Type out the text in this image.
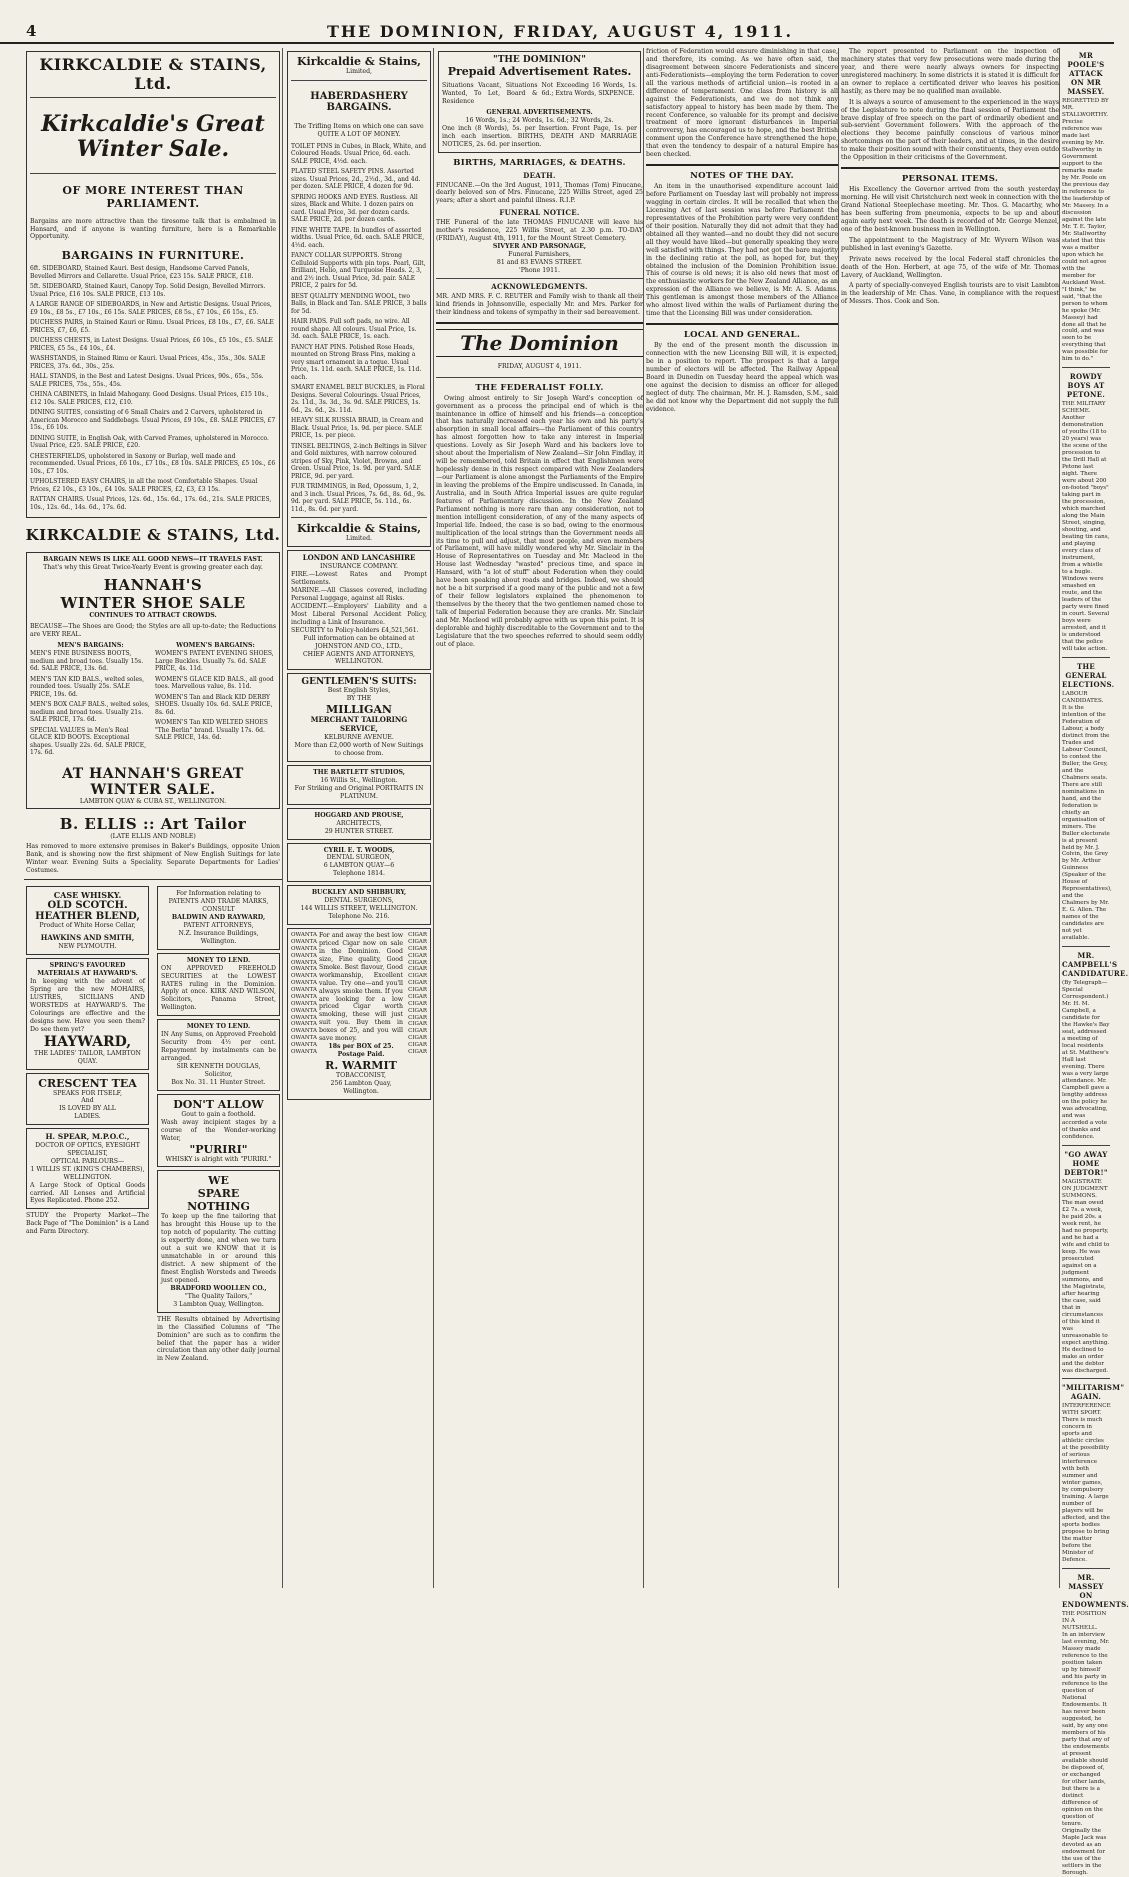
4	THE DOMINION, FRIDAY, AUGUST 4, 1911.
KIRKCALDIE & STAINS, Ltd.
Kirkcaldie's Great Winter Sale.
OF MORE INTEREST THAN PARLIAMENT.
Bargains are more attractive than the tiresome talk that is embalmed in Hansard, and if anyone is wanting furniture, here is a Remarkable Opportunity.
BARGAINS IN FURNITURE.
6ft. SIDEBOARD, Stained Kauri. Best design, Handsome Carved Panels, Bevelled Mirrors and Cellarette. Usual Price, £23 15s. SALE PRICE, £18.
5ft. SIDEBOARD, Stained Kauri, Canopy Top. Solid Design, Bevelled Mirrors. Usual Price, £16 10s. SALE PRICE, £13 10s.
A LARGE RANGE OF SIDEBOARDS, in New and Artistic Designs. Usual Prices, £9 10s., £8 5s., £7 10s., £6 15s. SALE PRICES, £8 5s., £7 10s., £6 15s., £5.
DUCHESS PAIRS, in Stained Kauri or Rimu. Usual Prices, £8 10s., £7, £6. SALE PRICES, £7, £6, £5.
DUCHESS CHESTS, in Latest Designs. Usual Prices, £6 10s., £5 10s., £5. SALE PRICES, £5 5s., £4 10s., £4.
WASHSTANDS, in Stained Rimu or Kauri. Usual Prices, 45s., 35s., 30s. SALE PRICES, 37s. 6d., 30s., 25s.
HALL STANDS, in the Best and Latest Designs. Usual Prices, 90s., 65s., 55s. SALE PRICES, 75s., 55s., 45s.
CHINA CABINETS, in Inlaid Mahogany. Good Designs. Usual Prices, £15 10s., £12 10s. SALE PRICES, £12, £10.
DINING SUITES, consisting of 6 Small Chairs and 2 Carvers, upholstered in American Morocco and Saddlebags. Usual Prices, £9 10s., £8. SALE PRICES, £7 15s., £6 10s.
DINING SUITE, in English Oak, with Carved Frames, upholstered in Morocco. Usual Price, £25. SALE PRICE, £20.
CHESTERFIELDS, upholstered in Saxony or Burlap, well made and recommended. Usual Prices, £6 10s., £7 10s., £8 10s. SALE PRICES, £5 10s., £6 10s., £7 10s.
UPHOLSTERED EASY CHAIRS, in all the most Comfortable Shapes. Usual Prices, £2 10s., £3 10s., £4 10s. SALE PRICES, £2, £3, £3 15s.
RATTAN CHAIRS. Usual Prices, 12s. 6d., 15s. 6d., 17s. 6d., 21s. SALE PRICES, 10s., 12s. 6d., 14s. 6d., 17s. 6d.
KIRKCALDIE & STAINS, Ltd.
BARGAIN NEWS IS LIKE ALL GOOD NEWS—IT TRAVELS FAST.
That's why this Great Twice-Yearly Event is growing greater each day.
HANNAH'S
WINTER SHOE SALE
CONTINUES TO ATTRACT CROWDS.
BECAUSE—The Shoes are Good; the Styles are all up-to-date; the Reductions are VERY REAL.
MEN'S BARGAINS:
MEN'S FINE BUSINESS BOOTS, medium and broad toes. Usually 15s. 6d. SALE PRICE, 13s. 6d.
MEN'S TAN KID BALS., welted soles, rounded toes. Usually 25s. SALE PRICE, 19s. 6d.
MEN'S BOX CALF BALS., welted soles, medium and broad toes. Usually 21s. SALE PRICE, 17s. 6d.
SPECIAL VALUES in Men's Real GLACE KID BOOTS. Exceptional shapes. Usually 22s. 6d. SALE PRICE, 17s. 6d.
WOMEN'S BARGAINS:
WOMEN'S PATENT EVENING SHOES, Large Buckles. Usually 7s. 6d. SALE PRICE, 4s. 11d.
WOMEN'S GLACE KID BALS., all good toes. Marvellous value, 8s. 11d.
WOMEN'S Tan and Black KID DERBY SHOES. Usually 10s. 6d. SALE PRICE, 8s. 6d.
WOMEN'S Tan KID WELTED SHOES "The Berlin" brand. Usually 17s. 6d. SALE PRICE, 14s. 6d.
AT HANNAH'S GREAT WINTER SALE.
LAMBTON QUAY & CUBA ST., WELLINGTON.
B. ELLIS :: Art Tailor
(LATE ELLIS AND NOBLE)
Has removed to more extensive premises in Baker's Buildings, opposite Union Bank, and is showing now the first shipment of New English Suitings for late Winter wear. Evening Suits a Speciality. Separate Departments for Ladies' Costumes.
CASE WHISKY.
OLD SCOTCH.
HEATHER BLEND,
Product of White Horse Cellar,
HAWKINS AND SMITH,
NEW PLYMOUTH.
SPRING'S FAVOURED MATERIALS AT HAYWARD'S.
In keeping with the advent of Spring are the new MOHAIRS, LUSTRES, SICILIANS AND WORSTEDS at HAYWARD'S. The Colourings are effective and the designs new. Have you seen them? Do see them yet?
HAYWARD,
THE LADIES' TAILOR, LAMBTON QUAY.
CRESCENT TEA
SPEAKS FOR ITSELF,
And
IS LOVED BY ALL
LADIES.
H. SPEAR, M.P.O.C.,
DOCTOR OF OPTICS, EYESIGHT SPECIALIST,
OPTICAL PARLOURS—
1 WILLIS ST. (KING'S CHAMBERS), WELLINGTON.
A Large Stock of Optical Goods carried. All Lenses and Artificial Eyes Replicated. Phone 252.
STUDY the Property Market—The Back Page of "The Dominion" is a Land and Farm Directory.
For Information relating to PATENTS AND TRADE MARKS,
CONSULT
BALDWIN AND RAYWARD,
PATENT ATTORNEYS,
N.Z. Insurance Buildings, Wellington.
MONEY TO LEND.
ON APPROVED FREEHOLD SECURITIES at the LOWEST RATES ruling in the Dominion. Apply at once. KIRK AND WILSON, Solicitors, Panama Street, Wellington.
MONEY TO LEND.
IN Any Sums, on Approved Freehold Security from 4½ per cent. Repayment by instalments can be arranged.
SIR KENNETH DOUGLAS,
Solicitor,
Box No. 31. 11 Hunter Street.
DON'T ALLOW
Gout to gain a foothold.
Wash away incipient stages by a course of the Wonder-working Water,
"PURIRI"
WHISKY is alright with "PURIRI."
WE
SPARE
NOTHING
To keep up the fine tailoring that has brought this House up to the top notch of popularity. The cutting is expertly done, and when we turn out a suit we KNOW that it is unmatchable in or around this district. A new shipment of the finest English Worsteds and Tweeds just opened.
BRADFORD WOOLLEN CO.,
"The Quality Tailors,"
3 Lambton Quay, Wellington.
THE Results obtained by Advertising in the Classified Columns of "The Dominion" are such as to confirm the belief that the paper has a wider circulation than any other daily journal in New Zealand.
Kirkcaldie & Stains,
Limited,
HABERDASHERY BARGAINS.
The Trifling Items on which one can save QUITE A LOT OF MONEY.
TOILET PINS in Cubes, in Black, White, and Coloured Heads. Usual Price, 6d. each. SALE PRICE, 4½d. each.
PLATED STEEL SAFETY PINS. Assorted sizes. Usual Prices, 2d., 2½d., 3d., and 4d. per dozen. SALE PRICE, 4 dozen for 9d.
SPRING HOOKS AND EYES. Rustless. All sizes, Black and White. 1 dozen pairs on card. Usual Price, 3d. per dozen cards. SALE PRICE, 2d. per dozen cards.
FINE WHITE TAPE. In bundles of assorted widths. Usual Price, 6d. each. SALE PRICE, 4½d. each.
FANCY COLLAR SUPPORTS. Strong Celluloid Supports with pin tops. Pearl, Gilt, Brilliant, Helio, and Turquoise Heads. 2, 3, and 2½ inch. Usual Price, 3d. pair. SALE PRICE, 2 pairs for 5d.
BEST QUALITY MENDING WOOL, two Balls, in Black and Tan. SALE PRICE, 3 balls for 5d.
HAIR PADS. Full soft pads, no wire. All round shape. All colours. Usual Price, 1s. 3d. each. SALE PRICE, 1s. each.
FANCY HAT PINS. Polished Rose Heads, mounted on Strong Brass Pins, making a very smart ornament in a toque. Usual Price, 1s. 11d. each. SALE PRICE, 1s. 11d. each.
SMART ENAMEL BELT BUCKLES, in Floral Designs. Several Colourings. Usual Prices, 2s. 11d., 3s. 3d., 3s. 9d. SALE PRICES, 1s. 6d., 2s. 6d., 2s. 11d.
HEAVY SILK RUSSIA BRAID, in Cream and Black. Usual Price, 1s. 9d. per piece. SALE PRICE, 1s. per piece.
TINSEL BELTINGS, 2-inch Beltings in Silver and Gold mixtures, with narrow coloured stripes of Sky, Pink, Violet, Browns, and Green. Usual Price, 1s. 9d. per yard. SALE PRICE, 9d. per yard.
FUR TRIMMINGS, in Red, Opossum, 1, 2, and 3 inch. Usual Prices, 7s. 6d., 8s. 6d., 9s. 9d. per yard. SALE PRICE, 5s. 11d., 6s. 11d., 8s. 6d. per yard.
Kirkcaldie & Stains,
Limited.
LONDON AND LANCASHIRE
INSURANCE COMPANY.
FIRE.—Lowest Rates and Prompt Settlements.
MARINE.—All Classes covered, including Personal Luggage, against all Risks.
ACCIDENT.—Employers' Liability and a Most Liberal Personal Accident Policy, including a Link of Insurance.
SECURITY to Policy-holders £4,521,561.
Full information can be obtained at JOHNSTON AND CO., LTD.,
CHIEF AGENTS AND ATTORNEYS, WELLINGTON.
GENTLEMEN'S SUITS:
Best English Styles,
BY THE
MILLIGAN
MERCHANT TAILORING SERVICE,
KELBURNE AVENUE.
More than £2,000 worth of New Suitings to choose from.
THE BARTLETT STUDIOS,
16 Willis St., Wellington.
For Striking and Original PORTRAITS IN PLATINUM.
HOGGARD AND PROUSE,
ARCHITECTS,
29 HUNTER STREET.
CYRIL E. T. WOODS,
DENTAL SURGEON,
6 LAMBTON QUAY—6
Telephone 1814.
BUCKLEY AND SHIBBURY,
DENTAL SURGEONS,
144 WILLIS STREET, WELLINGTON.
Telephone No. 216.
OWANTA
OWANTA
OWANTA
OWANTA
OWANTA
OWANTA
OWANTA
OWANTA
OWANTA
OWANTA
OWANTA
OWANTA
OWANTA
OWANTA
OWANTA
OWANTA
OWANTA
OWANTA
For and away the best low priced Cigar now on sale in the Dominion. Good size, Fine quality, Good Smoke. Best flavour, Good workmanship, Excellent value. Try one—and you'll always smoke them. If you are looking for a low priced Cigar worth smoking, these will just suit you. Buy them in boxes of 25, and you will save money.
18s per BOX of 25. Postage Paid.
R. WARMIT
TOBACCONIST,
256 Lambton Quay, Wellington.
CIGAR
CIGAR
CIGAR
CIGAR
CIGAR
CIGAR
CIGAR
CIGAR
CIGAR
CIGAR
CIGAR
CIGAR
CIGAR
CIGAR
CIGAR
CIGAR
CIGAR
CIGAR
"THE DOMINION"
Prepaid Advertisement Rates.
Situations Vacant, Situations Wanted, To Let, Board & Residence
Not Exceeding 16 Words, 1s. 6d.; Extra Words, SIXPENCE.
GENERAL ADVERTISEMENTS.
16 Words, 1s.; 24 Words, 1s. 6d.; 32 Words, 2s.
One inch (8 Words), 5s. per Insertion. Front Page, 1s. per inch each insertion. BIRTHS, DEATH AND MARRIAGE NOTICES, 2s. 6d. per insertion.
BIRTHS, MARRIAGES, & DEATHS.
DEATH.
FINUCANE.—On the 3rd August, 1911, Thomas (Tom) Finucane, dearly beloved son of Mrs. Finucane, 225 Willis Street, aged 25 years; after a short and painful illness. R.I.P.
FUNERAL NOTICE.
THE Funeral of the late THOMAS FINUCANE will leave his mother's residence, 225 Willis Street, at 2.30 p.m. TO-DAY (FRIDAY), August 4th, 1911, for the Mount Street Cemetery.
SIVYER AND PARSONAGE,
Funeral Furnishers,
81 and 83 EVANS STREET.
'Phone 1911.
ACKNOWLEDGMENTS.
MR. AND MRS. F. C. REUTER and Family wish to thank all their kind friends in Johnsonville, especially Mr. and Mrs. Parker for their kindness and tokens of sympathy in their sad bereavement.
The Dominion
FRIDAY, AUGUST 4, 1911.
THE FEDERALIST FOLLY.
Owing almost entirely to Sir Joseph Ward's conception of government as a process the principal end of which is the maintenance in office of himself and his friends—a conception that has naturally increased each year his own and his party's absorption in small local affairs—the Parliament of this country has almost forgotten how to take any interest in Imperial questions. Lovely as Sir Joseph Ward and his backers love to shout about the Imperialism of New Zealand—Sir John Findlay, it will be remembered, told Britain in effect that Englishmen were hopelessly dense in this respect compared with New Zealanders—our Parliament is alone amongst the Parliaments of the Empire in leaving the problems of the Empire undiscussed. In Canada, in Australia, and in South Africa Imperial issues are quite regular features of Parliamentary discussion. In the New Zealand Parliament nothing is more rare than any consideration, not to mention intelligent consideration, of any of the many aspects of Imperial life. Indeed, the case is so bad, owing to the enormous multiplication of the local strings than the Government needs all its time to pull and adjust, that most people, and even members of Parliament, will have mildly wondered why Mr. Sinclair in the House of Representatives on Tuesday and Mr. Macleod in the House last Wednesday "wasted" precious time, and space in Hansard, with "a lot of stuff" about Federation when they could have been speaking about roads and bridges. Indeed, we should not be a bit surprised if a good many of the public and not a few of their fellow legislators explained the phenomenon to themselves by the theory that the two gentlemen named chose to talk of Imperial Federation because they are cranks. Mr. Sinclair and Mr. Macleod will probably agree with us upon this point. It is deplorable and highly discreditable to the Government and to the Legislature that the two speeches referred to should seem oddly out of place.
friction of Federation would ensure diminishing in that case, and therefore, its coming. As we have often said, the disagreement between sincere Federationists and sincere anti-Federationists—employing the term Federation to cover all the various methods of artificial union—is rooted in a difference of temperament. One class from history is all against the Federationists, and we do not think any satisfactory appeal to history has been made by them. The recent Conference, so valuable for its prompt and decisive treatment of more ignorant disturbances in Imperial controversy, has encouraged us to hope, and the best British comment upon the Conference have strengthened the hope, that even the tendency to despair of a natural Empire has been checked.
NOTES OF THE DAY.
An item in the unauthorised expenditure account laid before Parliament on Tuesday last will probably not impress wagging in certain circles. It will be recalled that when the Licensing Act of last session was before Parliament the representatives of the Prohibition party were very confident of their position. Naturally they did not admit that they had obtained all they wanted—and no doubt they did not secure all they would have liked—but generally speaking they were well satisfied with things. They had not got the bare majority in the declining ratio at the poll, as hoped for, but they obtained the inclusion of the Dominion Prohibition issue. This of course is old news; it is also old news that most of the enthusiastic workers for the New Zealand Alliance, as an expression of the Alliance we believe, is Mr. A. S. Adams. This gentleman is amongst those members of the Alliance who almost lived within the walls of Parliament during the time that the Licensing Bill was under consideration.
LOCAL AND GENERAL.
By the end of the present month the discussion in connection with the new Licensing Bill will, it is expected, be in a position to report. The prospect is that a large number of electors will be affected. The Railway Appeal Board in Dunedin on Tuesday heard the appeal which was one against the decision to dismiss an officer for alleged neglect of duty. The chairman, Mr. H. J. Ramsden, S.M., said he did not know why the Department did not supply the full evidence.
The report presented to Parliament on the inspection of machinery states that very few prosecutions were made during the year, and there were nearly always owners for inspecting unregistered machinery. In some districts it is stated it is difficult for an owner to replace a certificated driver who leaves his position hastily, as there may be no qualified man available.
It is always a source of amusement to the experienced in the ways of the Legislature to note during the final session of Parliament the brave display of free speech on the part of ordinarily obedient and sub-servient Government followers. With the approach of the elections they become painfully conscious of various minor shortcomings on the part of their leaders, and at times, in the desire to make their position sound with their constituents, they even outdo the Opposition in their criticisms of the Government.
PERSONAL ITEMS.
His Excellency the Governor arrived from the south yesterday morning. He will visit Christchurch next week in connection with the Grand National Steeplechase meeting. Mr. Thos. G. Macarthy, who has been suffering from pneumonia, expects to be up and about again early next week. The death is recorded of Mr. George Menzel, one of the best-known business men in Wellington.
The appointment to the Magistracy of Mr. Wyvern Wilson was published in last evening's Gazette.
Private news received by the local Federal staff chronicles the death of the Hon. Herbert, at age 75, of the wife of Mr. Thomas Lavery, of Auckland, Wellington.
A party of specially-conveyed English tourists are to visit Lambton in the leadership of Mr. Chas. Vane, in compliance with the request of Messrs. Thos. Cook and Son.
MR POOLE'S ATTACK ON MR MASSEY.
REGRETTED BY MR. STALLWORTHY.
Precise reference was made last evening by Mr. Stallworthy in Government support to the remarks made by Mr. Poole on the previous day in reference to the leadership of Mr. Massey. In a discussion against the late Mr. T. E. Taylor, Mr. Stallworthy stated that this was a matter upon which he could not agree with the member for Auckland West. "I think," he said, "that the person to whom he spoke (Mr. Massey) had done all that he could, and was seen to be everything that was possible for him to do."
ROWDY BOYS AT PETONE.
THE MILITARY SCHEME.
Another demonstration of youths (18 to 20 years) was the scene of the procession to the Drill Hall at Petone last night. There were about 200 on-footed "boys" taking part in the procession, which marched along the Main Street, singing, shouting, and beating tin cans, and playing every class of instrument, from a whistle to a bugle. Windows were smashed en route, and the leaders of the party were fined in court. Several boys were arrested, and it is understood that the police will take action.
THE GENERAL ELECTIONS.
LABOUR CANDIDATES.
It is the intention of the Federation of Labour, a body distinct from the Trades and Labour Council, to contest the Buller, the Grey, and the Chalmers seats. There are still nominations in hand, and the federation is chiefly an organisation of miners. The Buller electorate is at present held by Mr. J. Colvin, the Grey by Mr. Arthur Guinness (Speaker of the House of Representatives), and the Chalmers by Mr. E. G. Allen. The names of the candidates are not yet available.
MR. CAMPBELL'S CANDIDATURE.
(By Telegraph—Special Correspondent.)
Mr. H. M. Campbell, a candidate for the Hawke's Bay seat, addressed a meeting of local residents at St. Matthew's Hall last evening. There was a very large attendance. Mr. Campbell gave a lengthy address on the policy he was advocating, and was accorded a vote of thanks and confidence.
"GO AWAY HOME DEBTOR!"
MAGISTRATE ON JUDGMENT SUMMONS.
The man owed £2 7s. a week, he paid 20s. a week rent, he had no property, and he had a wife and child to keep. He was prosecuted against on a judgment summons, and the Magistrate, after hearing the case, said that in circumstances of this kind it was unreasonable to expect anything. He declined to make an order and the debtor was discharged.
"MILITARISM" AGAIN.
INTERFERENCE WITH SPORT.
There is much concern in sports and athletic circles at the possibility of serious interference with both summer and winter games, by compulsory training. A large number of players will be affected, and the sports bodies propose to bring the matter before the Minister of Defence.
MR. MASSEY ON ENDOWMENTS.
THE POSITION IN A NUTSHELL.
In an interview last evening, Mr. Massey made reference to the position taken up by himself and his party in reference to the question of National Endowments. It has never been suggested, he said, by any one members of his party that any of the endowments at present available should be disposed of, or exchanged for other lands, but there is a distinct difference of opinion on the question of tenure. Originally the Maple Jack was devoted as an endowment for the use of the settlers in the Borough.
